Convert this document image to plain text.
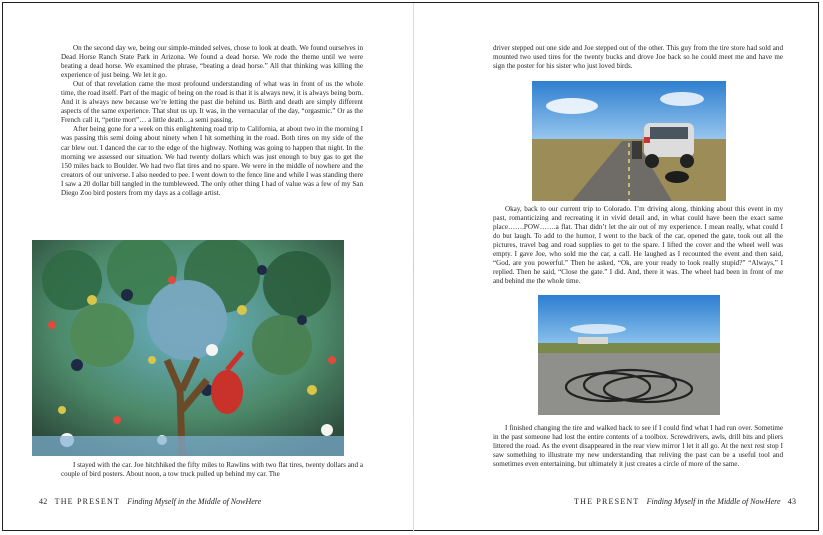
On the second day we, being our simple-minded selves, chose to look at death. We found ourselves in Dead Horse Ranch State Park in Arizona. We found a dead horse. We rode the theme until we were beating a dead horse. We examined the phrase, “beating a dead horse.” All that thinking was killing the experience of just being. We let it go.

Out of that revelation came the most profound understanding of what was in front of us the whole time, the road itself. Part of the magic of being on the road is that it is always new, it is always being born. And it is always new because we’re letting the past die behind us. Birth and death are simply different aspects of the same experience. That shut us up. It was, in the vernacular of the day, “orgasmic.” Or as the French call it, “petite mort”… a little death…a semi passing.

After being gone for a week on this enlightening road trip to California, at about two in the morning I was passing this semi doing about ninety when I hit something in the road. Both tires on my side of the car blew out. I danced the car to the edge of the highway. Nothing was going to happen that night. In the morning we assessed our situation. We had twenty dollars which was just enough to buy gas to get the 150 miles back to Boulder. We had two flat tires and no spare. We were in the middle of nowhere and the creators of our universe. I also needed to pee. I went down to the fence line and while I was standing there I saw a 20 dollar bill tangled in the tumbleweed. The only other thing I had of value was a few of my San Diego Zoo bird posters from my days as a collage artist.

I stayed with the car. Joe hitchhiked the fifty miles to Rawlins with two flat tires, twenty dollars and a couple of bird posters. About noon, a tow truck pulled up behind my car. The

42 THE PRESENT Finding Myself in the Middle of NowHere

driver stepped out one side and Joe stepped out of the other. This guy from the tire store had sold and mounted two used tires for the twenty bucks and drove Joe back so he could meet me and have me sign the poster for his sister who just loved birds.

Okay, back to our current trip to Colorado. I’m driving along, thinking about this event in my past, romanticizing and recreating it in vivid detail and, in what could have been the exact same place…….POW…….a flat. That didn’t let the air out of my experience. I mean really, what could I do but laugh. To add to the humor, I went to the back of the car, opened the gate, took out all the pictures, travel bag and road supplies to get to the spare. I lifted the cover and the wheel well was empty. I gave Joe, who sold me the car, a call. He laughed as I recounted the event and then said, “God, are you powerful.” Then he asked, “Ok, are your ready to look really stupid?” “Always,” I replied. Then he said, “Close the gate.” I did. And, there it was. The wheel had been in front of me and behind me the whole time.

I finished changing the tire and walked back to see if I could find what I had run over. Sometime in the past someone had lost the entire contents of a toolbox. Screwdrivers, awls, drill bits and pliers littered the road. As the event disappeared in the rear view mirror I let it all go. At the next rest stop I saw something to illustrate my new understanding that reliving the past can be a useful tool and sometimes even entertaining, but ultimately it just creates a circle of more of the same.

THE PRESENT Finding Myself in the Middle of NowHere 43
